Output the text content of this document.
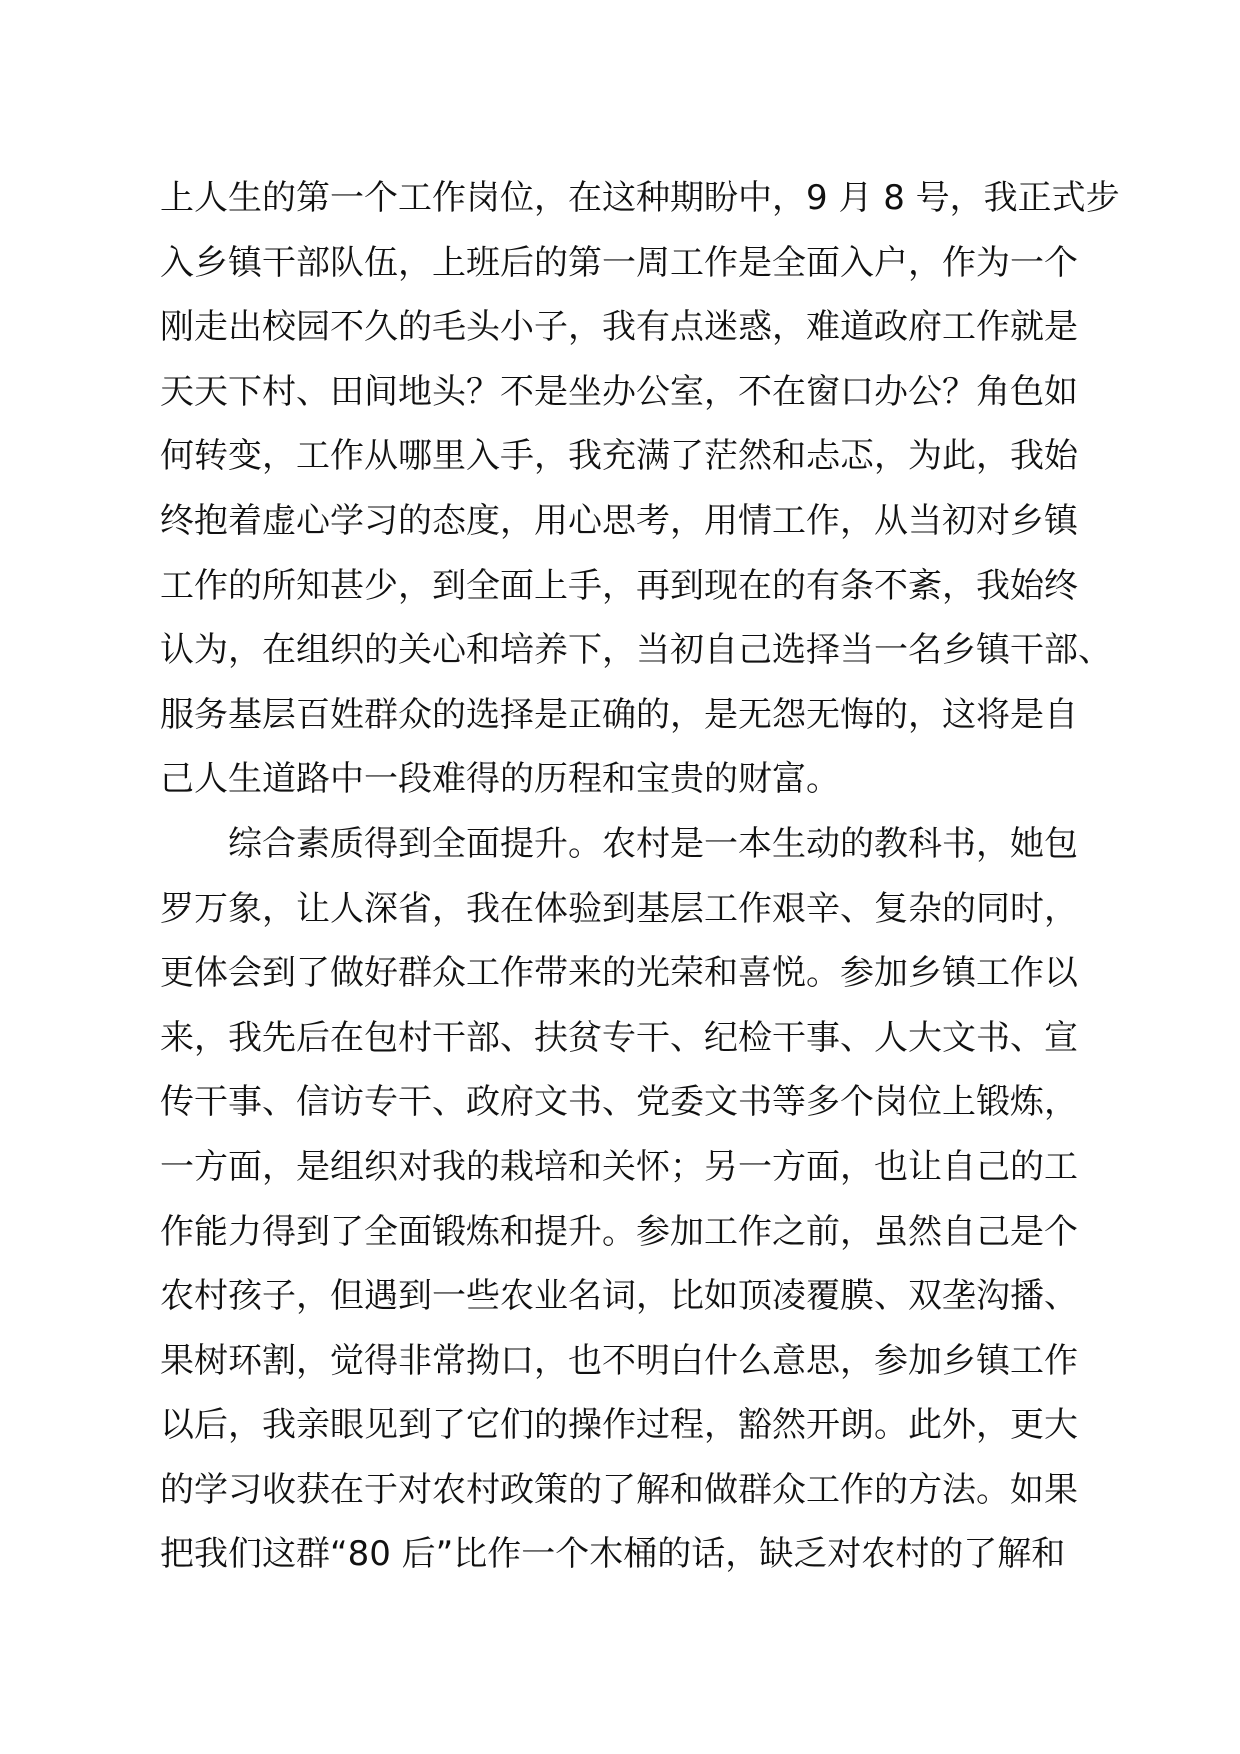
上人生的第一个工作岗位，在这种期盼中，9 月 8 号，我正式步
入乡镇干部队伍，上班后的第一周工作是全面入户，作为一个
刚走出校园不久的毛头小子，我有点迷惑，难道政府工作就是
天天下村、田间地头？不是坐办公室，不在窗口办公？角色如
何转变，工作从哪里入手，我充满了茫然和忐忑，为此，我始
终抱着虚心学习的态度，用心思考，用情工作，从当初对乡镇
工作的所知甚少，到全面上手，再到现在的有条不紊，我始终
认为，在组织的关心和培养下，当初自己选择当一名乡镇干部、
服务基层百姓群众的选择是正确的，是无怨无悔的，这将是自
己人生道路中一段难得的历程和宝贵的财富。
综合素质得到全面提升。农村是一本生动的教科书，她包
罗万象，让人深省，我在体验到基层工作艰辛、复杂的同时，
更体会到了做好群众工作带来的光荣和喜悦。参加乡镇工作以
来，我先后在包村干部、扶贫专干、纪检干事、人大文书、宣
传干事、信访专干、政府文书、党委文书等多个岗位上锻炼，
一方面，是组织对我的栽培和关怀；另一方面，也让自己的工
作能力得到了全面锻炼和提升。参加工作之前，虽然自己是个
农村孩子，但遇到一些农业名词，比如顶凌覆膜、双垄沟播、
果树环割，觉得非常拗口，也不明白什么意思，参加乡镇工作
以后，我亲眼见到了它们的操作过程，豁然开朗。此外，更大
的学习收获在于对农村政策的了解和做群众工作的方法。如果
把我们这群“80 后”比作一个木桶的话，缺乏对农村的了解和
